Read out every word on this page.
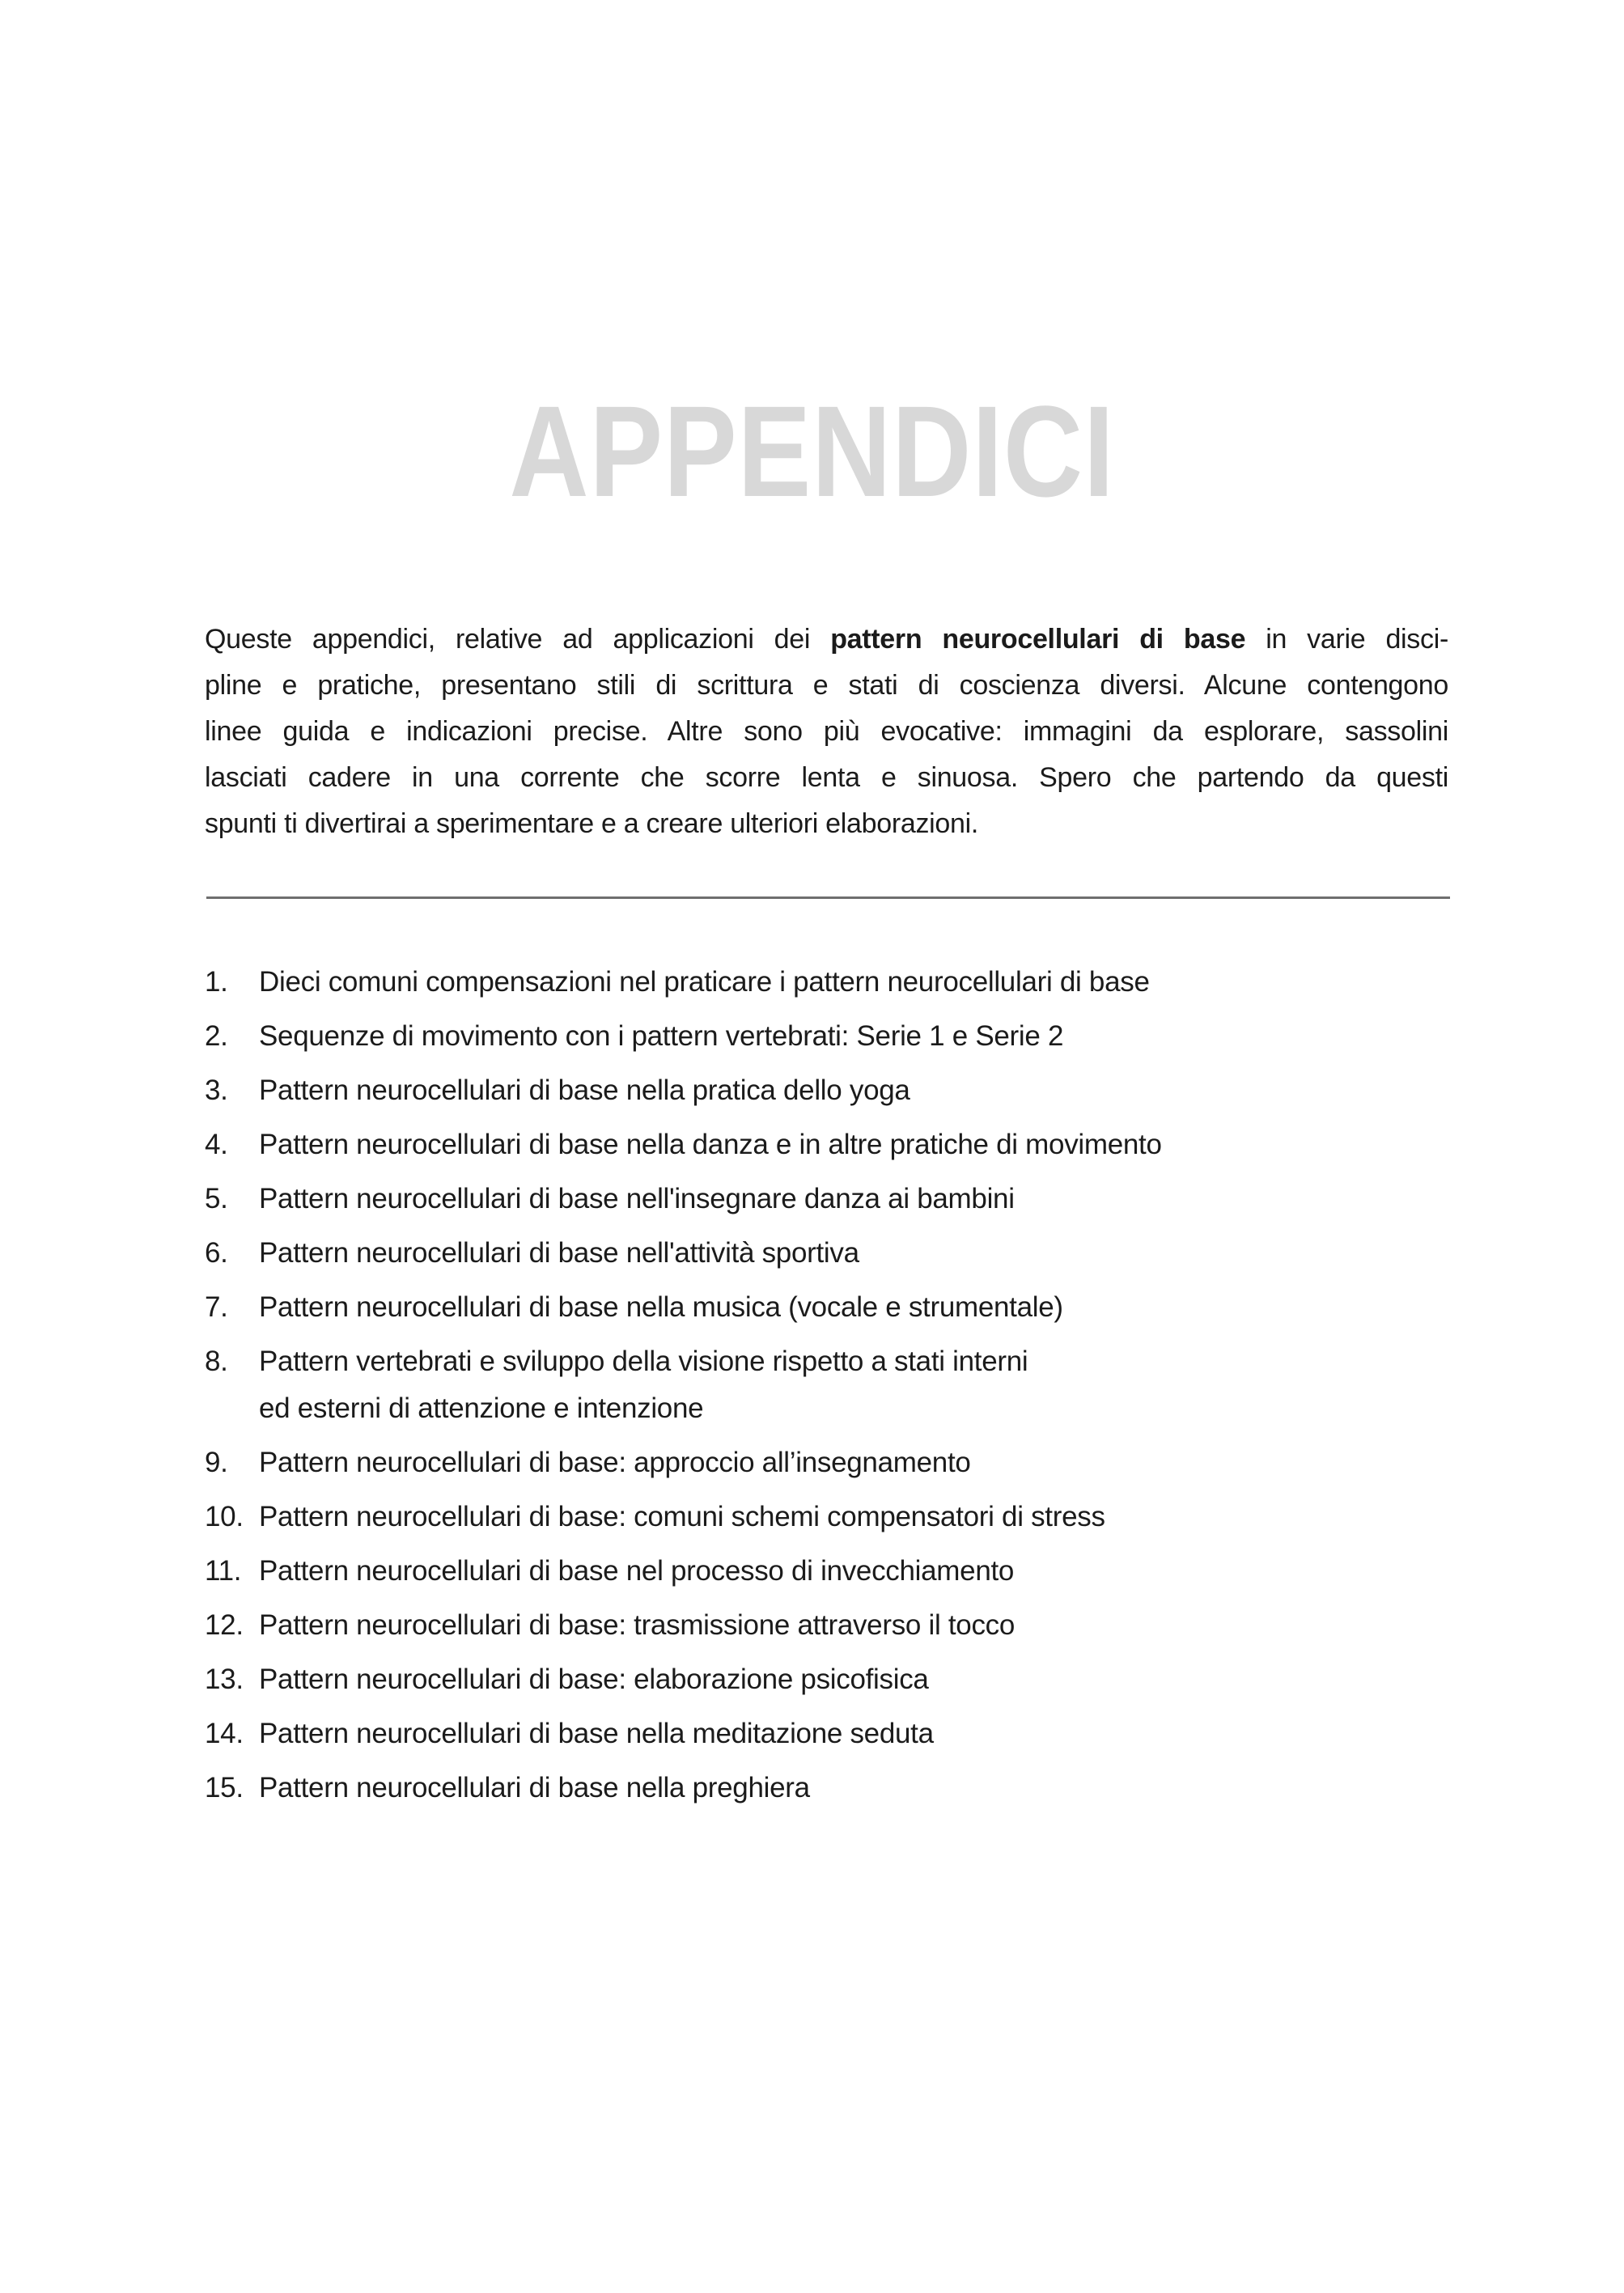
APPENDICI
Queste appendici, relative ad applicazioni dei pattern neurocellulari di base in varie disci-
pline e pratiche, presentano stili di scrittura e stati di coscienza diversi. Alcune contengono
linee guida e indicazioni precise. Altre sono più evocative: immagini da esplorare, sassolini
lasciati cadere in una corrente che scorre lenta e sinuosa. Spero che partendo da questi
spunti ti divertirai a sperimentare e a creare ulteriori elaborazioni.
1.	Dieci comuni compensazioni nel praticare i pattern neurocellulari di base
2.	Sequenze di movimento con i pattern vertebrati: Serie 1 e Serie 2
3.	Pattern neurocellulari di base nella pratica dello yoga
4.	Pattern neurocellulari di base nella danza e in altre pratiche di movimento
5.	Pattern neurocellulari di base nell'insegnare danza ai bambini
6.	Pattern neurocellulari di base nell'attività sportiva
7.	Pattern neurocellulari di base nella musica (vocale e strumentale)
8.	Pattern vertebrati e sviluppo della visione rispetto a stati interni
ed esterni di attenzione e intenzione
9.	Pattern neurocellulari di base: approccio all’insegnamento
10. Pattern neurocellulari di base: comuni schemi compensatori di stress
11. Pattern neurocellulari di base nel processo di invecchiamento
12. Pattern neurocellulari di base: trasmissione attraverso il tocco
13. Pattern neurocellulari di base: elaborazione psicofisica
14. Pattern neurocellulari di base nella meditazione seduta
15. Pattern neurocellulari di base nella preghiera
